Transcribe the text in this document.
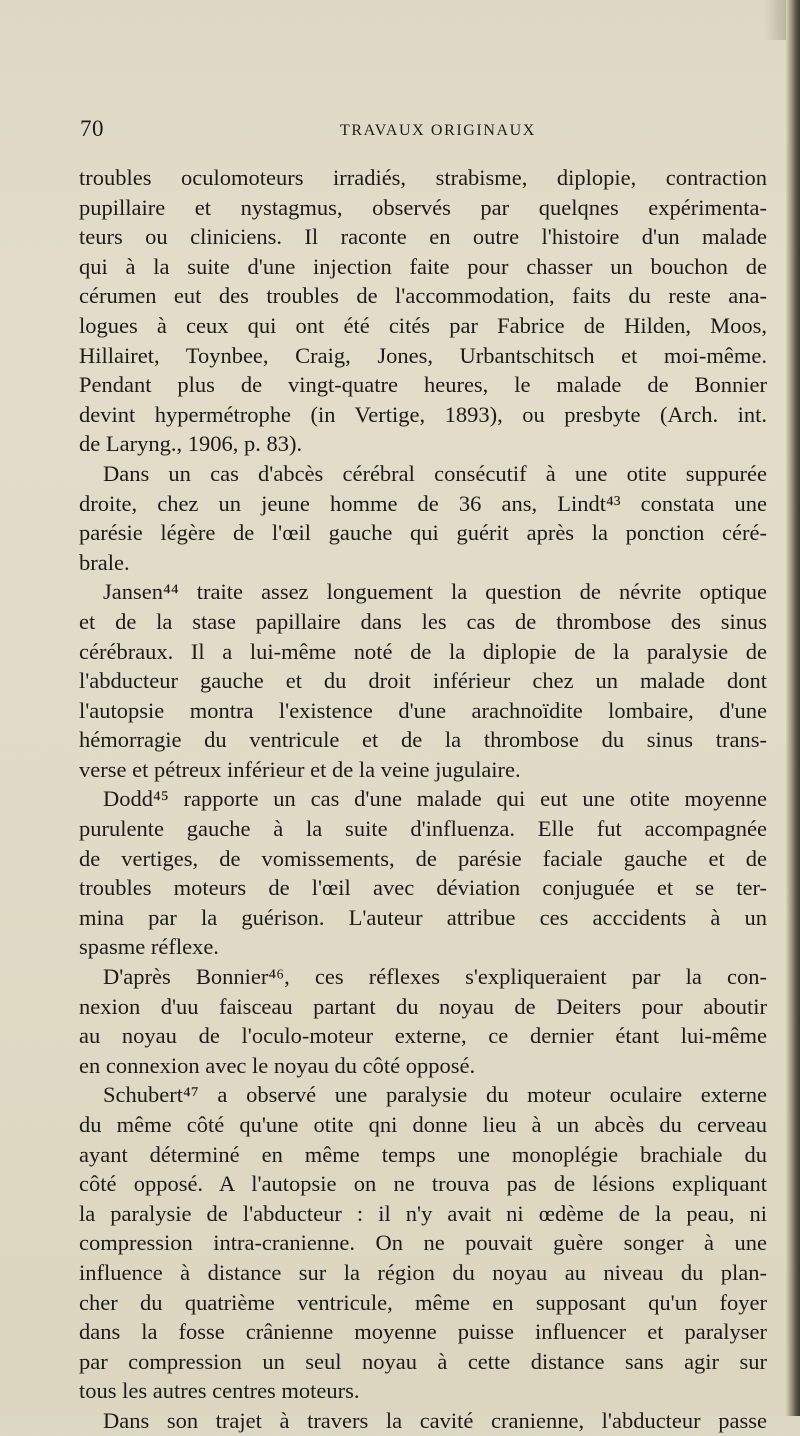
70	TRAVAUX ORIGINAUX
troubles oculomoteurs irradiés, strabisme, diplopie, contraction
pupillaire et nystagmus, observés par quelqnes expérimenta-
teurs ou cliniciens. Il raconte en outre l'histoire d'un malade
qui à la suite d'une injection faite pour chasser un bouchon de
cérumen eut des troubles de l'accommodation, faits du reste ana-
logues à ceux qui ont été cités par Fabrice de Hilden, Moos,
Hillairet, Toynbee, Craig, Jones, Urbantschitsch et moi-même.
Pendant plus de vingt-quatre heures, le malade de Bonnier
devint hypermétrophe (in Vertige, 1893), ou presbyte (Arch. int.
de Laryng., 1906, p. 83).
Dans un cas d'abcès cérébral consécutif à une otite suppurée
droite, chez un jeune homme de 36 ans, Lindt⁴³ constata une
parésie légère de l'œil gauche qui guérit après la ponction céré-
brale.
Jansen⁴⁴ traite assez longuement la question de névrite optique
et de la stase papillaire dans les cas de thrombose des sinus
cérébraux. Il a lui-même noté de la diplopie de la paralysie de
l'abducteur gauche et du droit inférieur chez un malade dont
l'autopsie montra l'existence d'une arachnoïdite lombaire, d'une
hémorragie du ventricule et de la thrombose du sinus trans-
verse et pétreux inférieur et de la veine jugulaire.
Dodd⁴⁵ rapporte un cas d'une malade qui eut une otite moyenne
purulente gauche à la suite d'influenza. Elle fut accompagnée
de vertiges, de vomissements, de parésie faciale gauche et de
troubles moteurs de l'œil avec déviation conjuguée et se ter-
mina par la guérison. L'auteur attribue ces acccidents à un
spasme réflexe.
D'après Bonnier⁴⁶, ces réflexes s'expliqueraient par la con-
nexion d'uu faisceau partant du noyau de Deiters pour aboutir
au noyau de l'oculo-moteur externe, ce dernier étant lui-même
en connexion avec le noyau du côté opposé.
Schubert⁴⁷ a observé une paralysie du moteur oculaire externe
du même côté qu'une otite qni donne lieu à un abcès du cerveau
ayant déterminé en même temps une monoplégie brachiale du
côté opposé. A l'autopsie on ne trouva pas de lésions expliquant
la paralysie de l'abducteur : il n'y avait ni œdème de la peau, ni
compression intra-cranienne. On ne pouvait guère songer à une
influence à distance sur la région du noyau au niveau du plan-
cher du quatrième ventricule, même en supposant qu'un foyer
dans la fosse crânienne moyenne puisse influencer et paralyser
par compression un seul noyau à cette distance sans agir sur
tous les autres centres moteurs.
Dans son trajet à travers la cavité cranienne, l'abducteur passe
